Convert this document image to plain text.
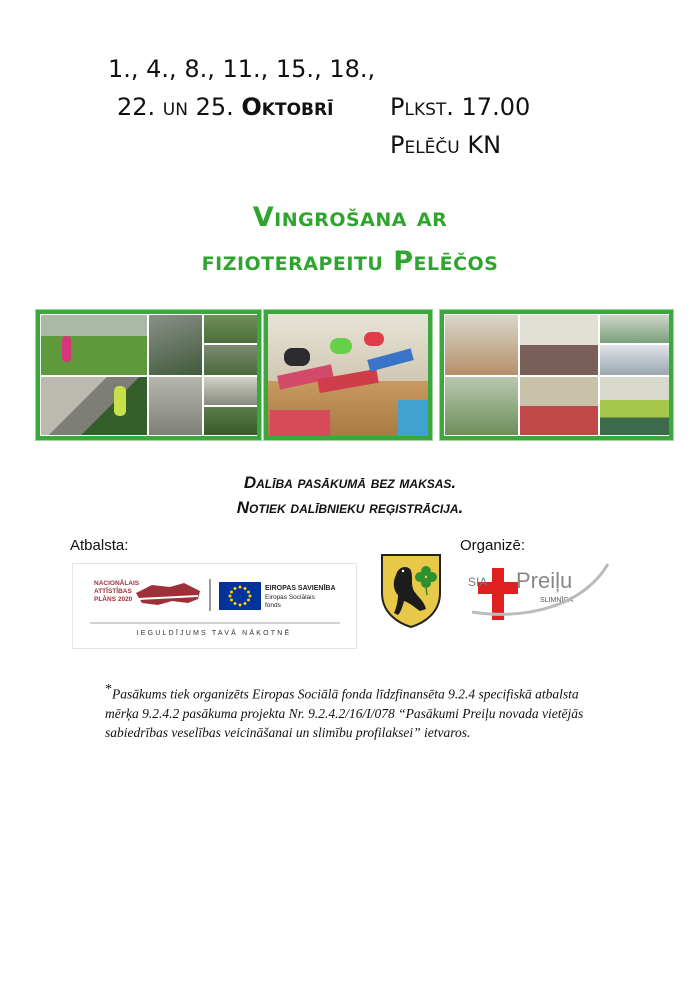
1., 4., 8., 11., 15., 18.,
22. un 25. Oktobrī	Plkst. 17.00
Pelēču KN
Vingrošana ar
fizioterapeitu Pelēčos
Dalība pasākumā bez maksas.
Notiek dalībnieku reģistrācija.
Atbalsta:	Organizē:
NACIONĀLAIS
ATTĪSTĪBAS
PLĀNS 2020
EIROPAS SAVIENĪBA
Eiropas Sociālais
fonds
IEGULDĪJUMS TAVĀ NĀKOTNĒ
SIA Preiļu
SLIMNĪCA
*Pasākums tiek organizēts Eiropas Sociālā fonda līdzfinansēta 9.2.4 specifiskā atbalsta mērķa 9.2.4.2 pasākuma projekta Nr. 9.2.4.2/16/I/078 “Pasākumi Preiļu novada vietējās sabiedrības veselības veicināšanai un slimību profilaksei” ietvaros.
